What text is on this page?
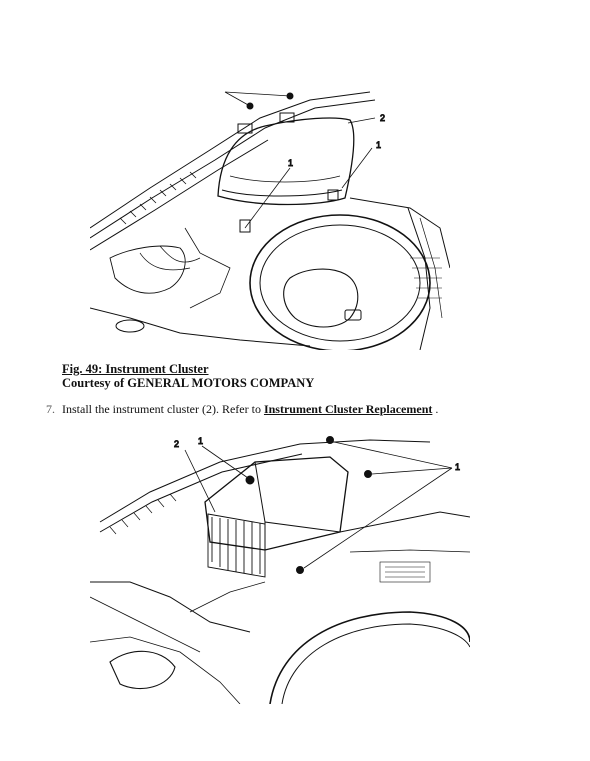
2
1
1
Fig. 49: Instrument Cluster
Courtesy of GENERAL MOTORS COMPANY
7. Install the instrument cluster (2). Refer to Instrument Cluster Replacement .
2 1
1
